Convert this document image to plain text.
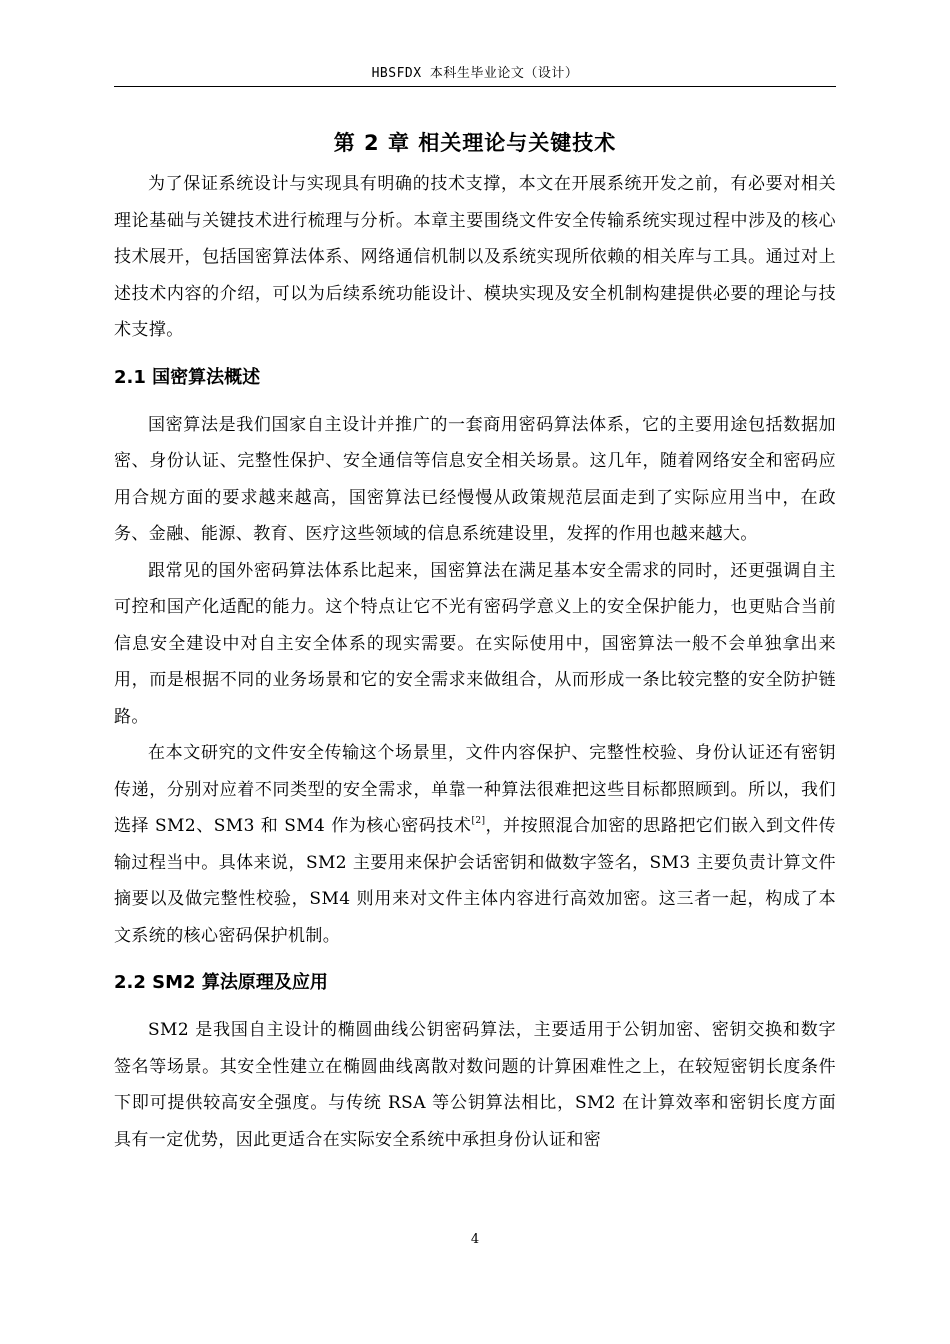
HBSFDX 本科生毕业论文（设计）
第 2 章 相关理论与关键技术

为了保证系统设计与实现具有明确的技术支撑，本文在开展系统开发之前，有必要对相关理论基础与关键技术进行梳理与分析。本章主要围绕文件安全传输系统实现过程中涉及的核心技术展开，包括国密算法体系、网络通信机制以及系统实现所依赖的相关库与工具。通过对上述技术内容的介绍，可以为后续系统功能设计、模块实现及安全机制构建提供必要的理论与技术支撑。

2.1 国密算法概述

国密算法是我们国家自主设计并推广的一套商用密码算法体系，它的主要用途包括数据加密、身份认证、完整性保护、安全通信等信息安全相关场景。这几年，随着网络安全和密码应用合规方面的要求越来越高，国密算法已经慢慢从政策规范层面走到了实际应用当中，在政务、金融、能源、教育、医疗这些领域的信息系统建设里，发挥的作用也越来越大。

跟常见的国外密码算法体系比起来，国密算法在满足基本安全需求的同时，还更强调自主可控和国产化适配的能力。这个特点让它不光有密码学意义上的安全保护能力，也更贴合当前信息安全建设中对自主安全体系的现实需要。在实际使用中，国密算法一般不会单独拿出来用，而是根据不同的业务场景和它的安全需求来做组合，从而形成一条比较完整的安全防护链路。

在本文研究的文件安全传输这个场景里，文件内容保护、完整性校验、身份认证还有密钥传递，分别对应着不同类型的安全需求，单靠一种算法很难把这些目标都照顾到。所以，我们选择 SM2、SM3 和 SM4 作为核心密码技术[2]，并按照混合加密的思路把它们嵌入到文件传输过程当中。具体来说，SM2 主要用来保护会话密钥和做数字签名，SM3 主要负责计算文件摘要以及做完整性校验，SM4 则用来对文件主体内容进行高效加密。这三者一起，构成了本文系统的核心密码保护机制。

2.2 SM2 算法原理及应用

SM2 是我国自主设计的椭圆曲线公钥密码算法，主要适用于公钥加密、密钥交换和数字签名等场景。其安全性建立在椭圆曲线离散对数问题的计算困难性之上，在较短密钥长度条件下即可提供较高安全强度。与传统 RSA 等公钥算法相比，SM2 在计算效率和密钥长度方面具有一定优势，因此更适合在实际安全系统中承担身份认证和密

4
